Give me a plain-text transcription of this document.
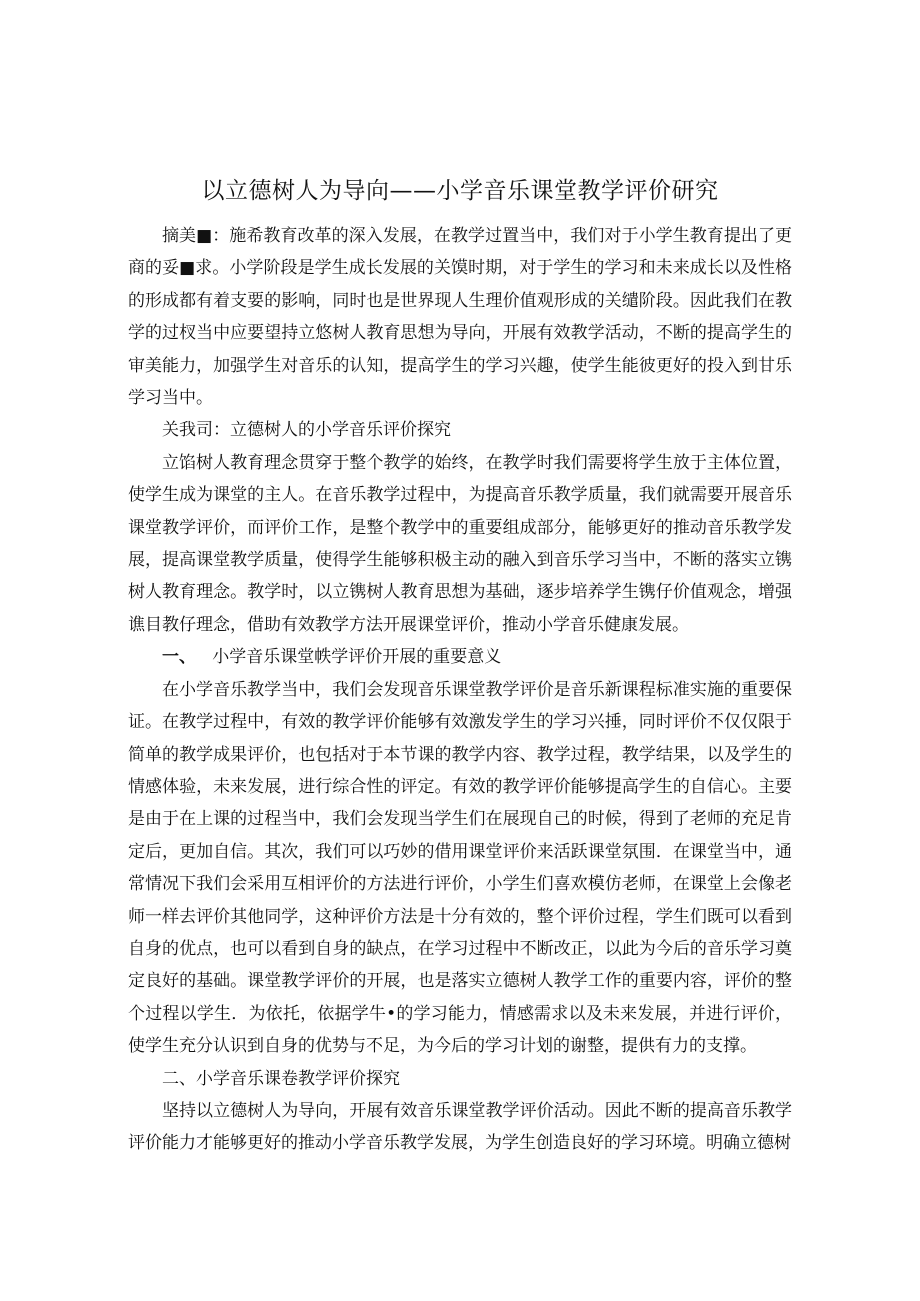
以立德树人为导向——小学音乐课堂教学评价研究

摘美■：施希教育改革的深入发展，在教学过置当中，我们对于小学生教育提出了更商的妥■求。小学阶段是学生成长发展的关馍时期，对于学生的学习和未来成长以及性格的形成都有着支要的影响，同时也是世界现人生理价值观形成的关缱阶段。因此我们在教学的过杈当中应要望持立悠树人教育思想为导向，开展有效教学活动，不断的提高学生的审美能力，加强学生对音乐的认知，提高学生的学习兴趣，使学生能彼更好的投入到甘乐学习当中。

关我司：立德树人的小学音乐评价探究

立馅树人教育理念贯穿于整个教学的始终，在教学时我们需要将学生放于主体位置，使学生成为课堂的主人。在音乐教学过程中，为提高音乐教学质量，我们就需要开展音乐课堂教学评价，而评价工作，是整个教学中的重要组成部分，能够更好的推动音乐教学发展，提高课堂教学质量，使得学生能够积极主动的融入到音乐学习当中，不断的落实立镌树人教育理念。教学时，以立镌树人教育思想为基础，逐步培养学生镌仔价值观念，增强谯目教仔理念，借助有效教学方法开展课堂评价，推动小学音乐健康发展。

一、 小学音乐课堂帙学评价开展的重要意义

在小学音乐教学当中，我们会发现音乐课堂教学评价是音乐新课程标准实施的重要保证。在教学过程中，有效的教学评价能够有效激发学生的学习兴捶，同时评价不仅仅限于简单的教学成果评价，也包括对于本节课的教学内容、教学过程，教学结果，以及学生的情感体验，未来发展，进行综合性的评定。有效的教学评价能够提高学生的自信心。主要是由于在上课的过程当中，我们会发现当学生们在展现自己的时候，得到了老师的充足肯定后，更加自信。其次，我们可以巧妙的借用课堂评价来活跃课堂氛围．在课堂当中，通常情况下我们会采用互相评价的方法进行评价，小学生们喜欢模仿老师，在课堂上会像老师一样去评价其他同学，这种评价方法是十分有效的，整个评价过程，学生们既可以看到自身的优点，也可以看到自身的缺点，在学习过程中不断改正，以此为今后的音乐学习奠定良好的基础。课堂教学评价的开展，也是落实立德树人教学工作的重要内容，评价的整个过程以学生．为依托，依据学牛•的学习能力，情感需求以及未来发展，并进行评价，使学生充分认识到自身的优势与不足，为今后的学习计划的谢整，提供有力的支撑。

二、小学音乐课卷教学评价探究

坚持以立德树人为导向，开展有效音乐课堂教学评价活动。因此不断的提高音乐教学评价能力才能够更好的推动小学音乐教学发展，为学生创造良好的学习环境。明确立德树
